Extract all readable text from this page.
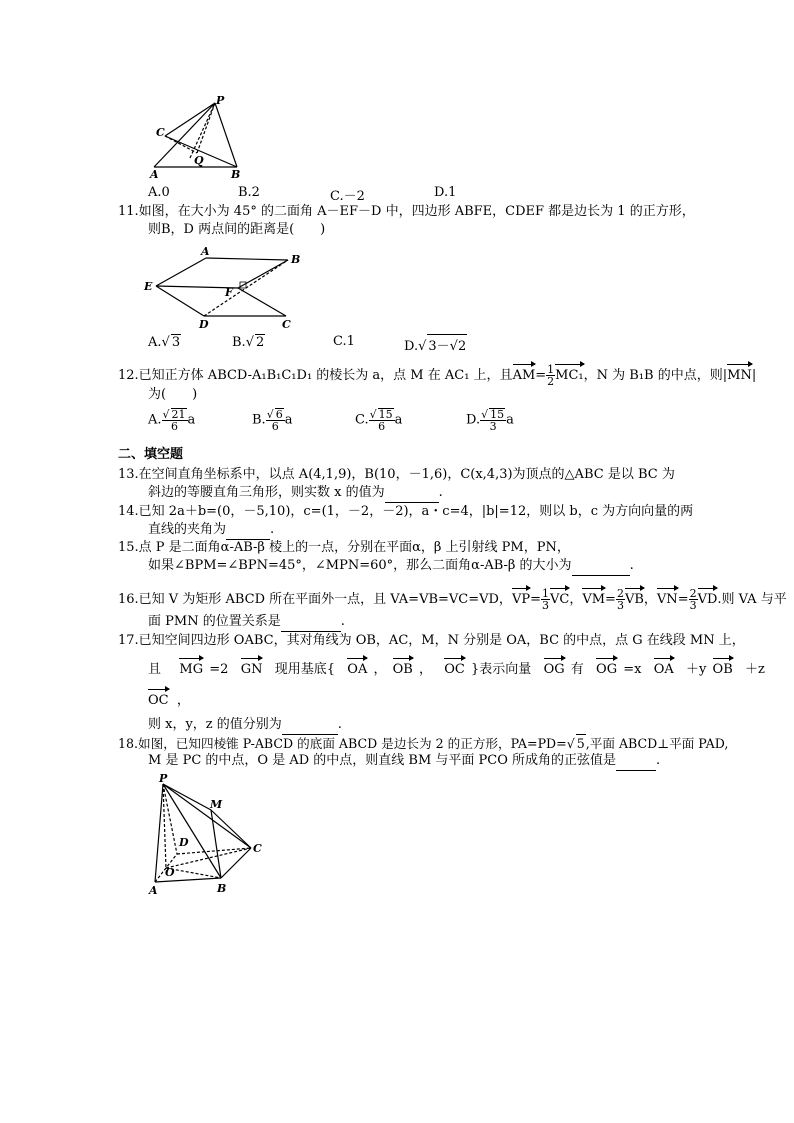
P
C
Q
A	B
A.0	B.2	C.－2	D.1
11.如图，在大小为 45° 的二面角 A－EF－D 中，四边形 ABFE，CDEF 都是边长为 1 的正方形，
则B，D 两点间的距离是(　　)
A
B
E	F
D	C
A.√ 3	B.√ 2	C.1	D.√ 3－√2
12.已知正方体 ABCD-A₁B₁C₁D₁ 的棱长为 a，点 M 在 AC₁ 上，且$AM= \frac{1}{2} MC_1$，N 为 B₁B 的中点，则|MN|
为(　　)
A. $\frac{√ 21}{6}$ a	B. $\frac{√ 6}{6}$ a	C. $\frac{√ 15}{6}$ a	D. $\frac{√ 15}{3}$ a
二、填空题
13.在空间直角坐标系中，以点 A(4,1,9)，B(10，－1,6)，C(x,4,3)为顶点的△ABC 是以 BC 为
斜边的等腰直角三角形，则实数 x 的值为	.
14.已知 2a＋b=(0，－5,10)，c=(1，－2，－2)，a・c=4，|b|=12，则以 b，c 为方向向量的两
直线的夹角为	.
15.点 P 是二面角α-AB-β 棱上的一点，分别在平面α，β 上引射线 PM，PN，
如果∠BPM=∠BPN=45°，∠MPN=60°，那么二面角α-AB-β 的大小为	.
16.已知 V 为矩形 ABCD 所在平面外一点，且 VA=VB=VC=VD，$VP= \frac{1}{3}$ VC，$VM= \frac{2}{3}$ VB，$VN= \frac{2}{3}$ VD.则 VA 与平
面 PMN 的位置关系是	.
17.已知空间四边形 OABC，其对角线为 OB，AC，M，N 分别是 OA，BC 的中点，点 G 在线段 MN 上，
且 MG =2 GN 现用基底{ OA ， OB ， OC }表示向量 OG 有 OG =x OA ＋y OB ＋z
OC ，
则 x，y，z 的值分别为	.
18.如图，已知四棱锥 P-ABCD 的底面 ABCD 是边长为 2 的正方形，PA=PD=√ 5,平面 ABCD⊥平面 PAD,
M 是 PC 的中点，O 是 AD 的中点，则直线 BM 与平面 PCO 所成角的正弦值是	.
P
M
D	C
O
A	B
